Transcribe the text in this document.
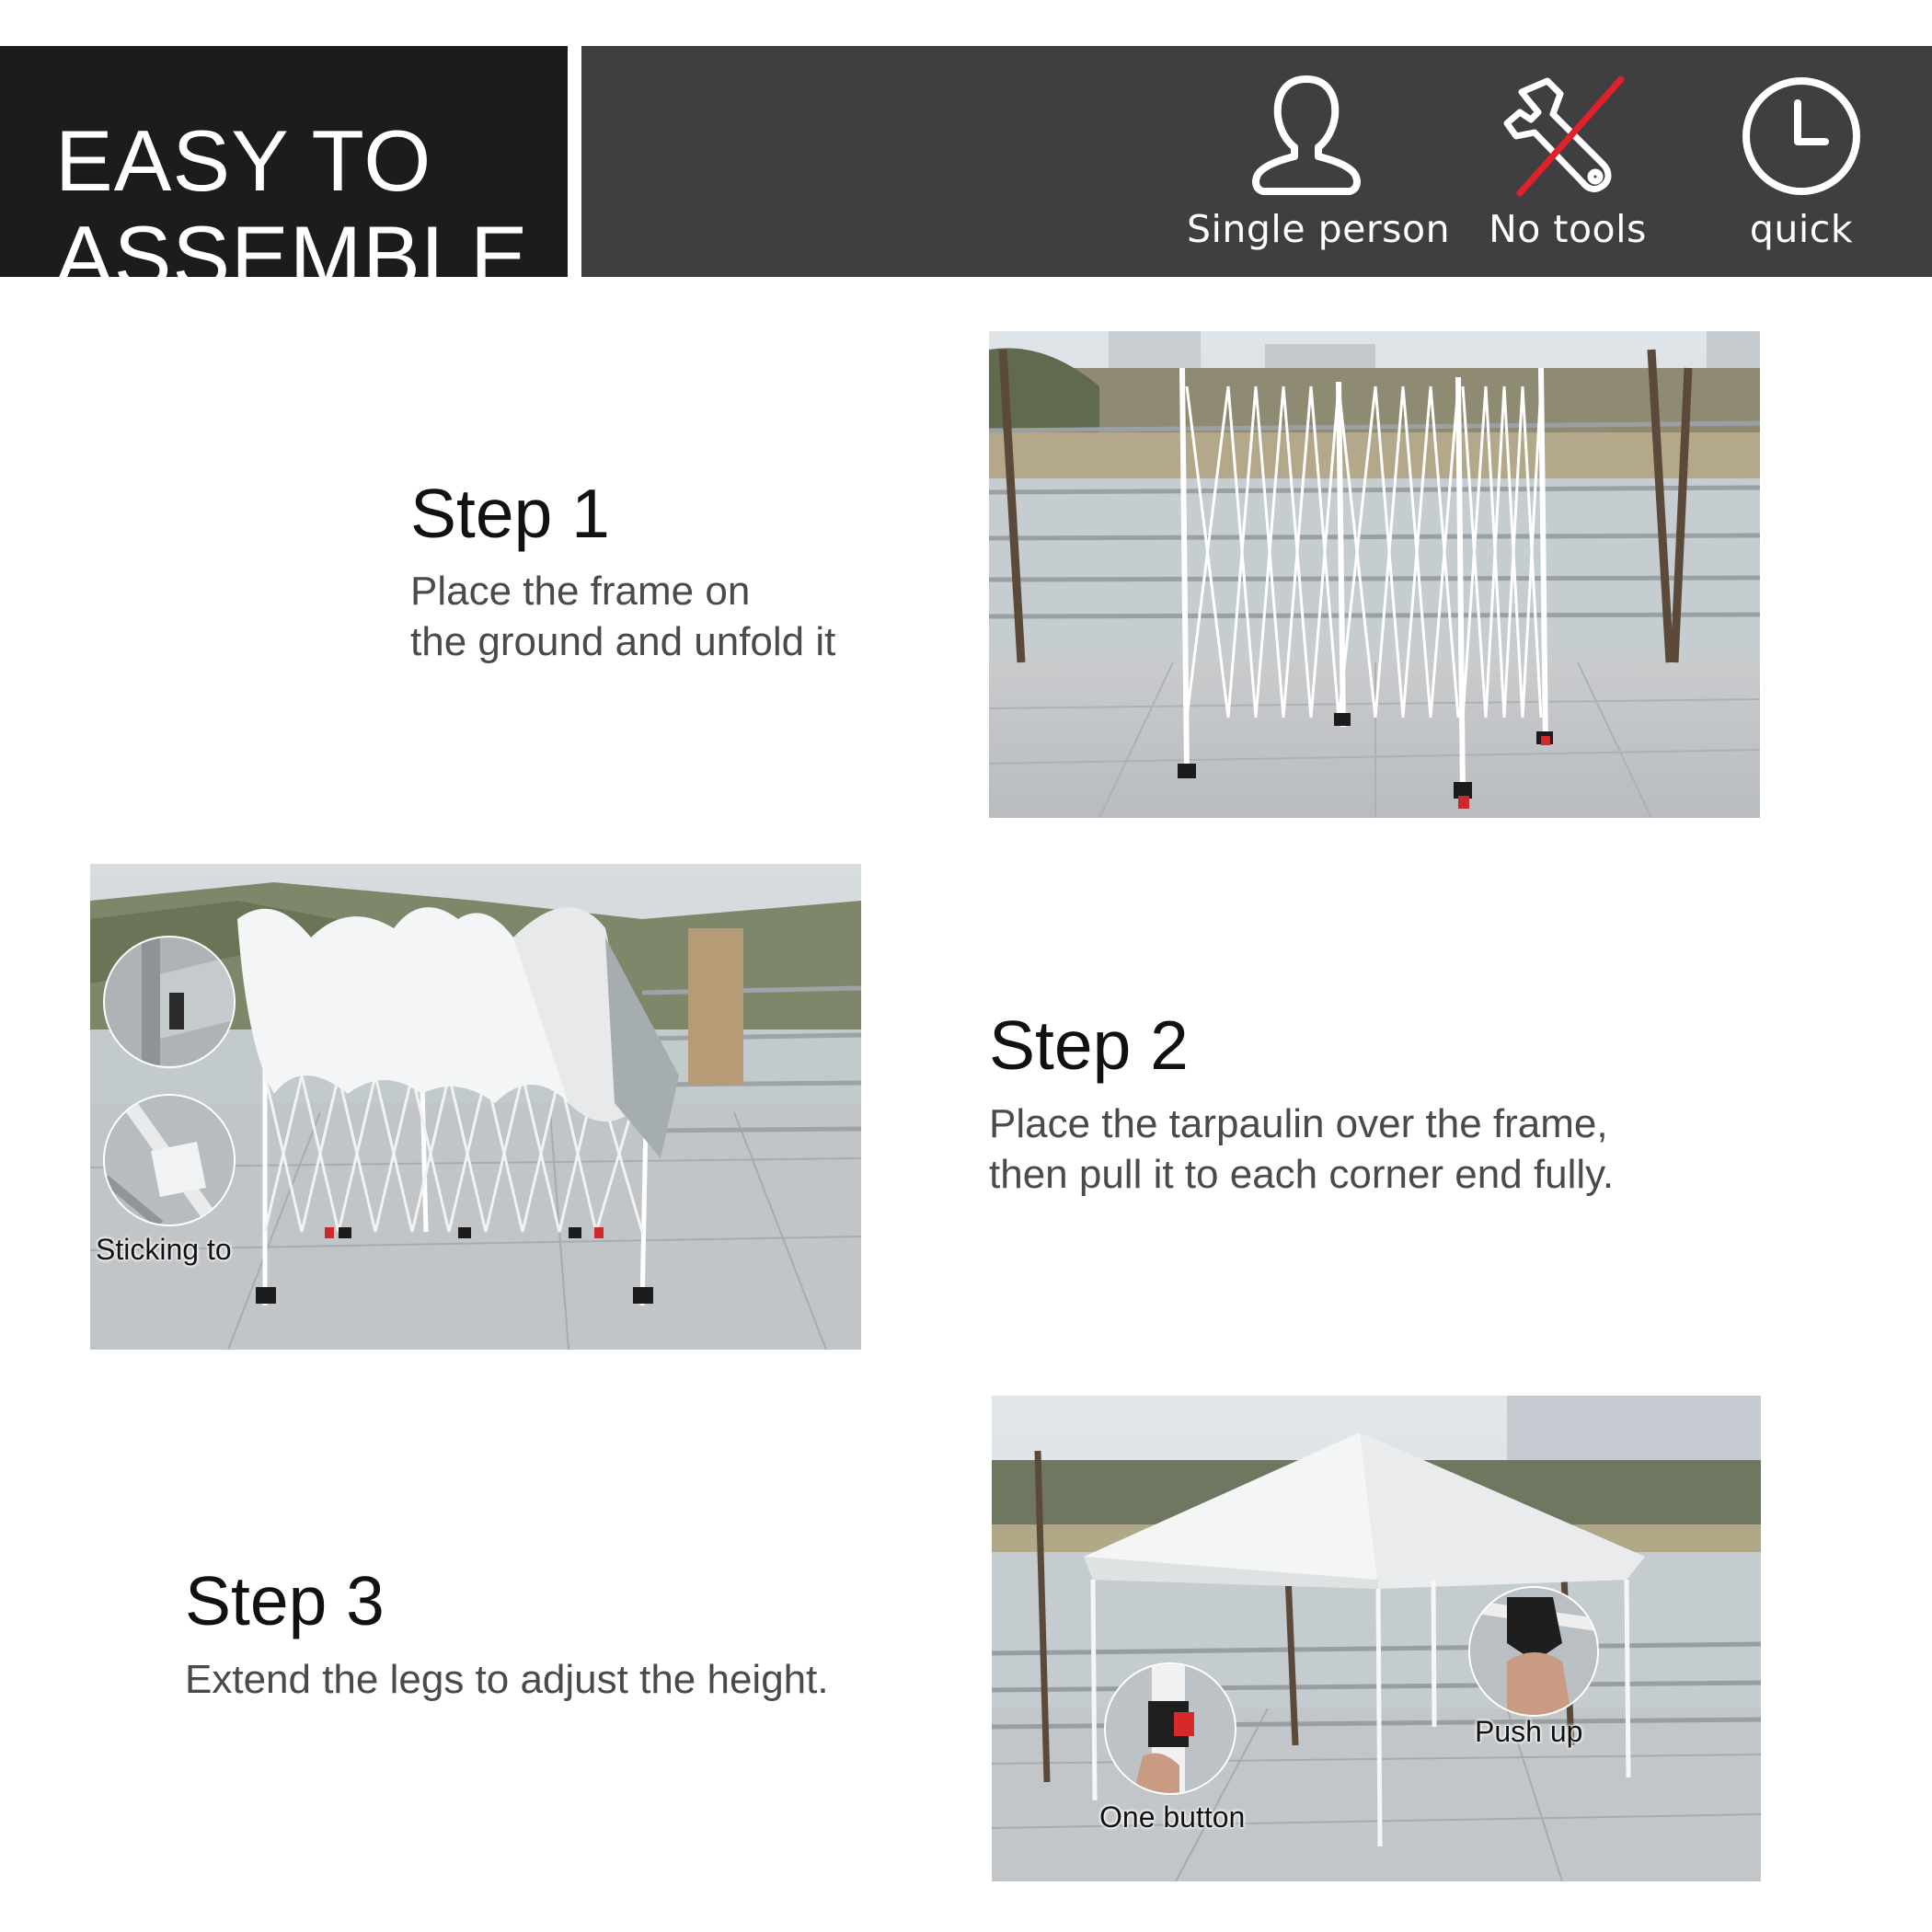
EASY TO
ASSEMBLE	Single person	No tools	quick
Step 1
Place the frame on
the ground and unfold it
Sticking to
Step 2
Place the tarpaulin over the frame,
then pull it to each corner end fully.
Step 3
Extend the legs to adjust the height.
Push up
One button
